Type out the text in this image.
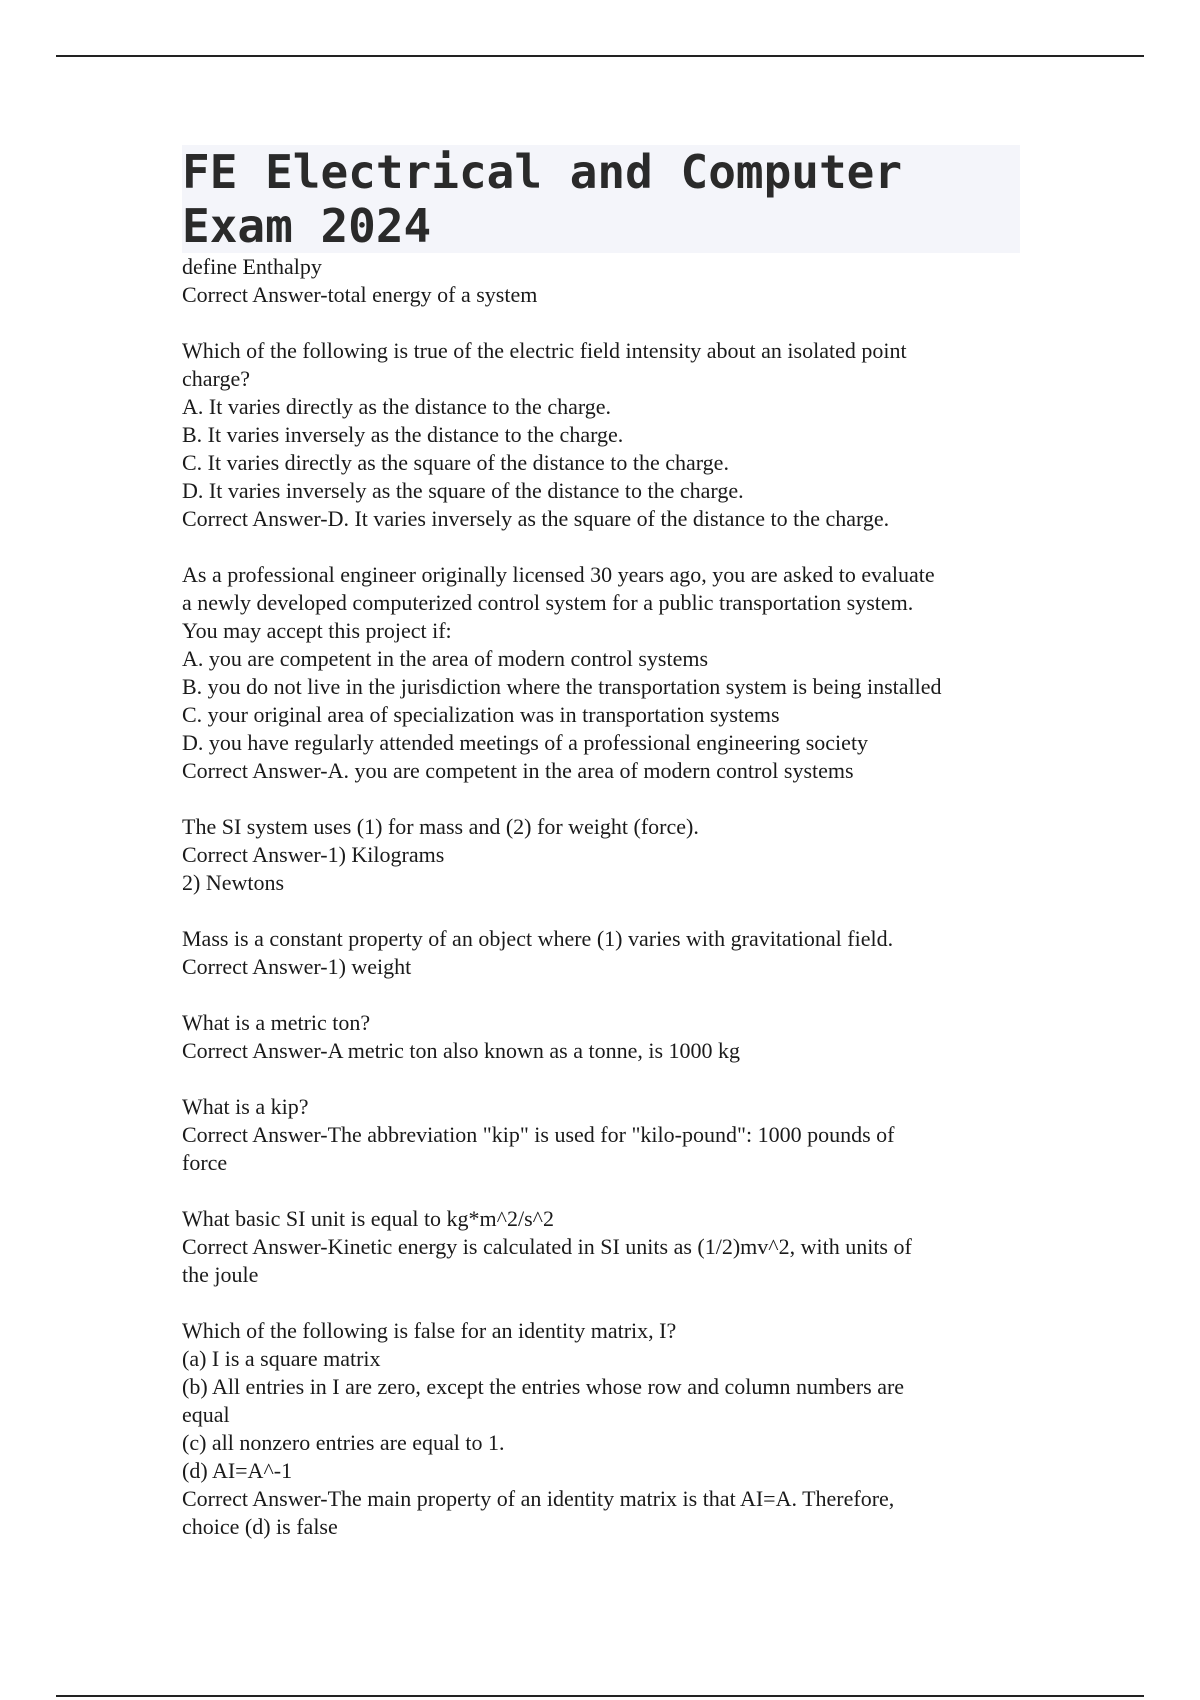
FE Electrical and Computer
Exam 2024
define Enthalpy
Correct Answer-total energy of a system
Which of the following is true of the electric field intensity about an isolated point
charge?
A. It varies directly as the distance to the charge.
B. It varies inversely as the distance to the charge.
C. It varies directly as the square of the distance to the charge.
D. It varies inversely as the square of the distance to the charge.
Correct Answer-D. It varies inversely as the square of the distance to the charge.
As a professional engineer originally licensed 30 years ago, you are asked to evaluate
a newly developed computerized control system for a public transportation system.
You may accept this project if:
A. you are competent in the area of modern control systems
B. you do not live in the jurisdiction where the transportation system is being installed
C. your original area of specialization was in transportation systems
D. you have regularly attended meetings of a professional engineering society
Correct Answer-A. you are competent in the area of modern control systems
The SI system uses (1) for mass and (2) for weight (force).
Correct Answer-1) Kilograms
2) Newtons
Mass is a constant property of an object where (1) varies with gravitational field.
Correct Answer-1) weight
What is a metric ton?
Correct Answer-A metric ton also known as a tonne, is 1000 kg
What is a kip?
Correct Answer-The abbreviation "kip" is used for "kilo-pound": 1000 pounds of
force
What basic SI unit is equal to kg*m^2/s^2
Correct Answer-Kinetic energy is calculated in SI units as (1/2)mv^2, with units of
the joule
Which of the following is false for an identity matrix, I?
(a) I is a square matrix
(b) All entries in I are zero, except the entries whose row and column numbers are
equal
(c) all nonzero entries are equal to 1.
(d) AI=A^-1
Correct Answer-The main property of an identity matrix is that AI=A. Therefore,
choice (d) is false
